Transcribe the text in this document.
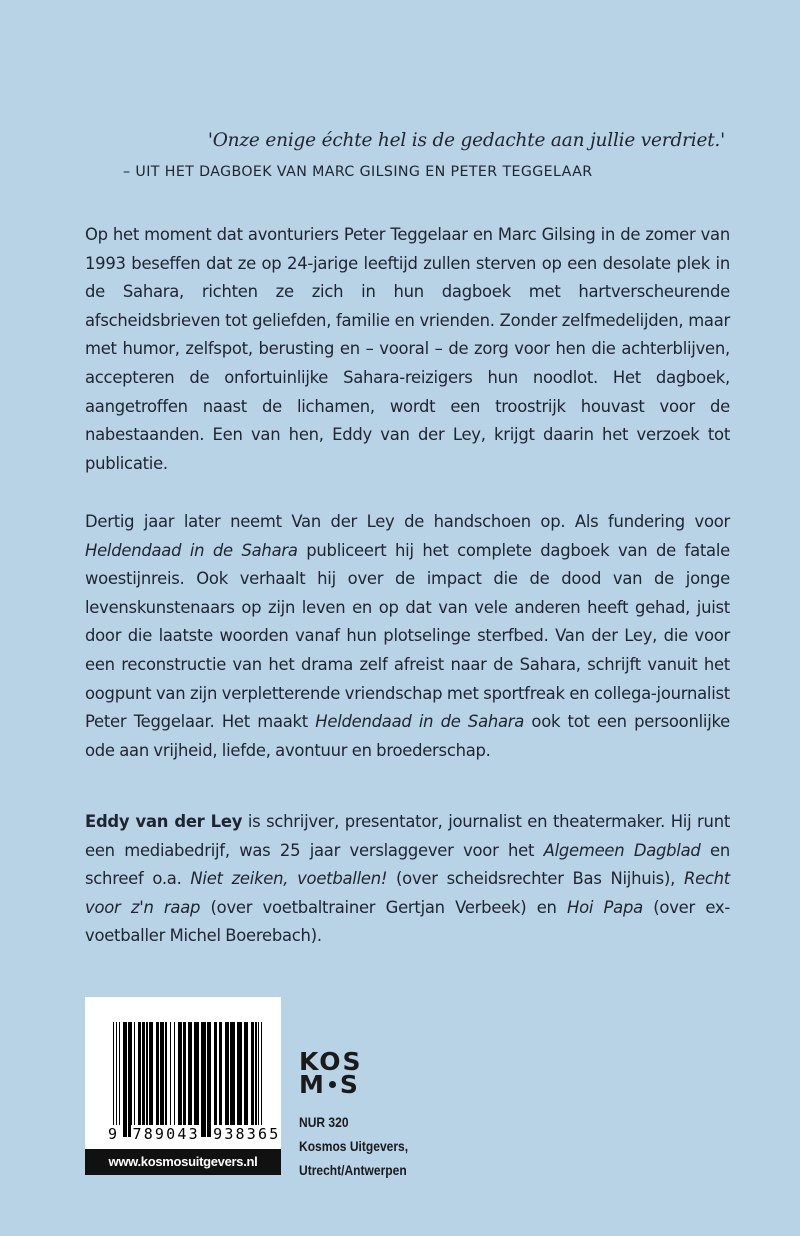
'Onze enige échte hel is de gedachte aan jullie verdriet.'

– UIT HET DAGBOEK VAN MARC GILSING EN PETER TEGGELAAR

Op het moment dat avonturiers Peter Teggelaar en Marc Gilsing in de zomer van 1993 beseffen dat ze op 24-jarige leeftijd zullen sterven op een desolate plek in de Sahara, richten ze zich in hun dagboek met hartverscheurende afscheidsbrieven tot geliefden, familie en vrienden. Zonder zelfmedelijden, maar met humor, zelfspot, berusting en – vooral – de zorg voor hen die achterblijven, accepteren de onfortuinlijke Sahara-reizigers hun noodlot. Het dagboek, aangetroffen naast de lichamen, wordt een troostrijk houvast voor de nabestaanden. Een van hen, Eddy van der Ley, krijgt daarin het verzoek tot publicatie.

Dertig jaar later neemt Van der Ley de handschoen op. Als fundering voor Heldendaad in de Sahara publiceert hij het complete dagboek van de fatale woestijnreis. Ook verhaalt hij over de impact die de dood van de jonge levenskunstenaars op zijn leven en op dat van vele anderen heeft gehad, juist door die laatste woorden vanaf hun plotselinge sterfbed. Van der Ley, die voor een reconstructie van het drama zelf afreist naar de Sahara, schrijft vanuit het oogpunt van zijn verpletterende vriendschap met sportfreak en collega-journalist Peter Teggelaar. Het maakt Heldendaad in de Sahara ook tot een persoonlijke ode aan vrijheid, liefde, avontuur en broederschap.

Eddy van der Ley is schrijver, presentator, journalist en theatermaker. Hij runt een mediabedrijf, was 25 jaar verslaggever voor het Algemeen Dagblad en schreef o.a. Niet zeiken, voetballen! (over scheidsrechter Bas Nijhuis), Recht voor z'n raap (over voetbaltrainer Gertjan Verbeek) en Hoi Papa (over ex-voetballer Michel Boerebach).

9 789043 938365
www.kosmosuitgevers.nl
KOS
M S
NUR 320
Kosmos Uitgevers,
Utrecht/Antwerpen
